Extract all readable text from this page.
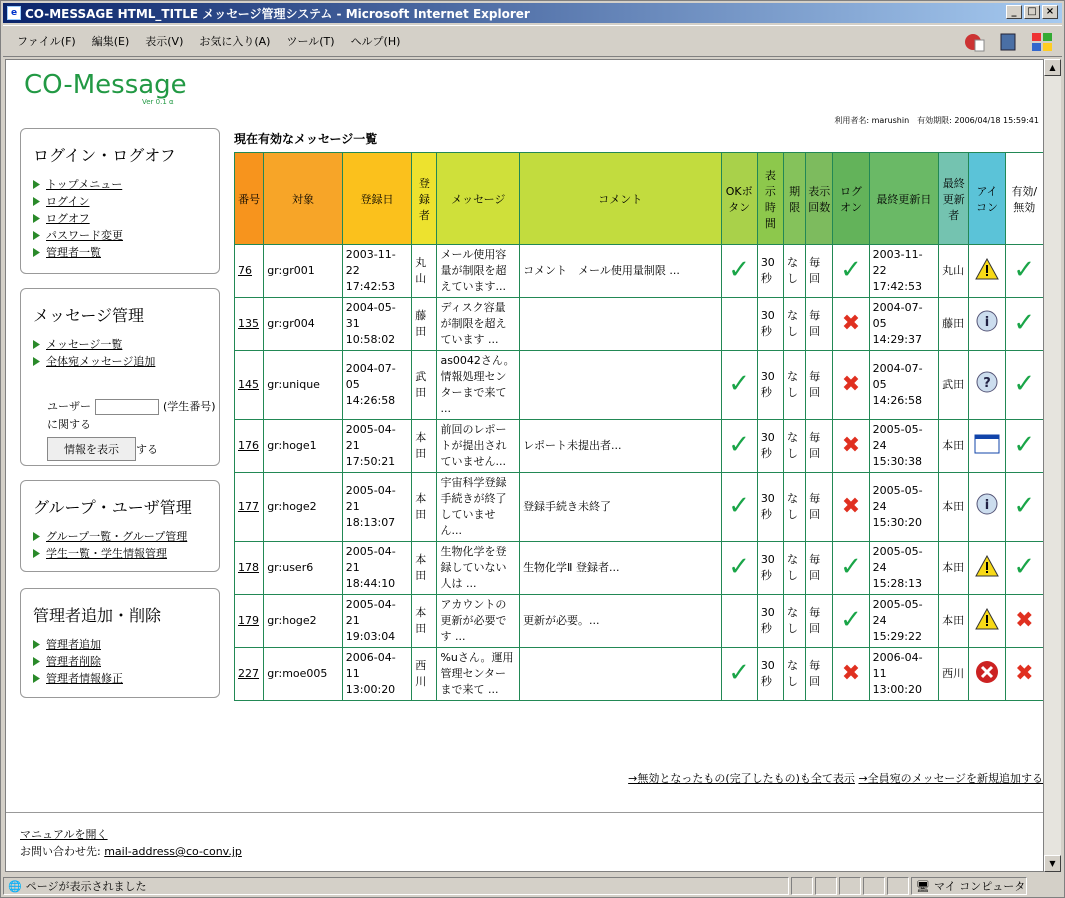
e CO-MESSAGE HTML_TITLE メッセージ管理システム - Microsoft Internet Explorer	_	□ ×
ファイル(F) 編集(E) 表示(V) お気に入り(A) ツール(T) ヘルプ(H)
CO-Message
Ver 0.1 α
利用者名: marushin　有効期限: 2006/04/18 15:59:41
ログイン・ログオフ
トップメニュー
ログイン
ログオフ
パスワード変更
管理者一覧
メッセージ管理
メッセージ一覧
全体宛メッセージ追加
ユーザー	(学生番号)に関する
情報を表示 する
グループ・ユーザ管理
グループ一覧・グループ管理
学生一覧・学生情報管理
管理者追加・削除
管理者追加
管理者削除
管理者情報修正
現在有効なメッセージ一覧
番号	対象	登録日	登録者	メッセージ	コメント	OKボタン	表示時間	期限	表示回数	ログオン	最終更新日	最終更新者	アイコン	有効/無効
76	gr:gr001	2003-11-22 17:42:53	丸山	メール使用容量が制限を超えています...	コメント　メール使用量制限 ...	✓	30秒	なし	毎回	✓	2003-11-22 17:42:53	丸山		✓
135	gr:gr004	2004-05-31 10:58:02	藤田	ディスク容量が制限を超えています ...			30秒	なし	毎回	✖	2004-07-05 14:29:37	藤田	i	✓
145	gr:unique	2004-07-05 14:26:58	武田	as0042さん。情報処理センターまで来て ...		✓	30秒	なし	毎回	✖	2004-07-05 14:26:58	武田	?	✓
176	gr:hoge1	2005-04-21 17:50:21	本田	前回のレポートが提出されていません...	レポート未提出者...	✓	30秒	なし	毎回	✖	2005-05-24 15:30:38	本田		✓
177	gr:hoge2	2005-04-21 18:13:07	本田	宇宙科学登録手続きが終了していません...	登録手続き未終了	✓	30秒	なし	毎回	✖	2005-05-24 15:30:20	本田	i	✓
178	gr:user6	2005-04-21 18:44:10	本田	生物化学を登録していない人は ...	生物化学Ⅱ 登録者...	✓	30秒	なし	毎回	✓	2005-05-24 15:28:13	本田		✓
179	gr:hoge2	2005-04-21 19:03:04	本田	アカウントの更新が必要です ...	更新が必要。...		30秒	なし	毎回	✓	2005-05-24 15:29:22	本田		✖
227	gr:moe005	2006-04-11 13:00:20	西川	%uさん。運用管理センターまで来て ...		✓	30秒	なし	毎回	✖	2006-04-11 13:00:20	西川		✖
→無効となったもの(完了したもの)も全て表示 →全員宛のメッセージを新規追加する
マニュアルを開く
お問い合わせ先: mail-address@co-conv.jp
▲
▼
🌐 ページが表示されました	🖥 マイ コンピュータ
